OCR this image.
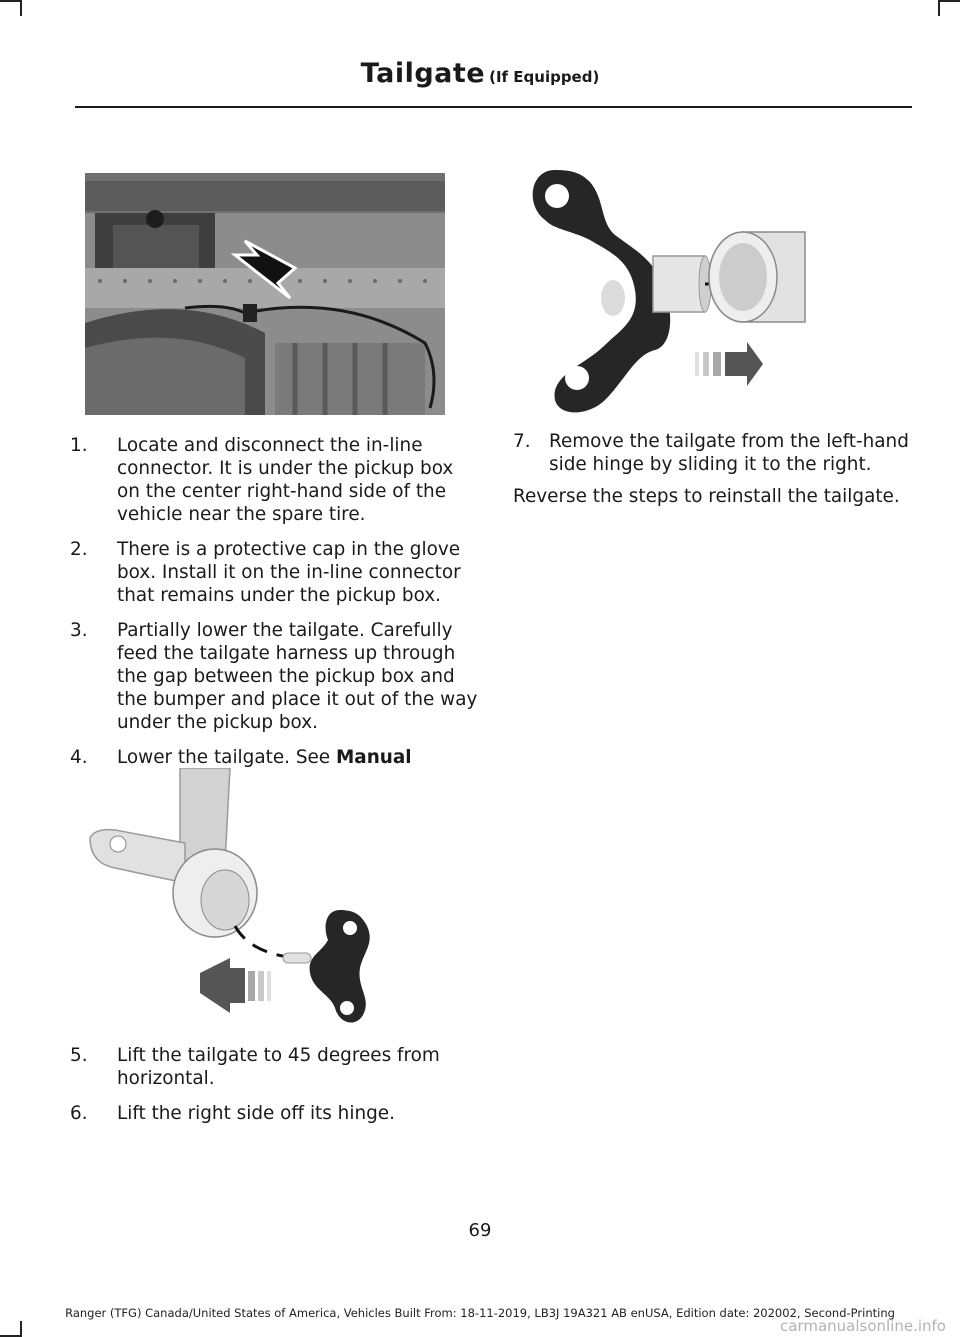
Tailgate (If Equipped)
1. Locate and disconnect the in-line connector. It is under the pickup box on the center right-hand side of the vehicle near the spare tire.
2. There is a protective cap in the glove box. Install it on the in-line connector that remains under the pickup box.
3. Partially lower the tailgate. Carefully feed the tailgate harness up through the gap between the pickup box and the bumper and place it out of the way under the pickup box.
4. Lower the tailgate. See Manual
5. Lift the tailgate to 45 degrees from horizontal.
6. Lift the right side off its hinge.
7. Remove the tailgate from the left-hand side hinge by sliding it to the right.

Reverse the steps to reinstall the tailgate.

69
Ranger (TFG) Canada/United States of America, Vehicles Built From: 18-11-2019, LB3J 19A321 AB enUSA, Edition date: 202002, Second-Printing
carmanualsonline.info
